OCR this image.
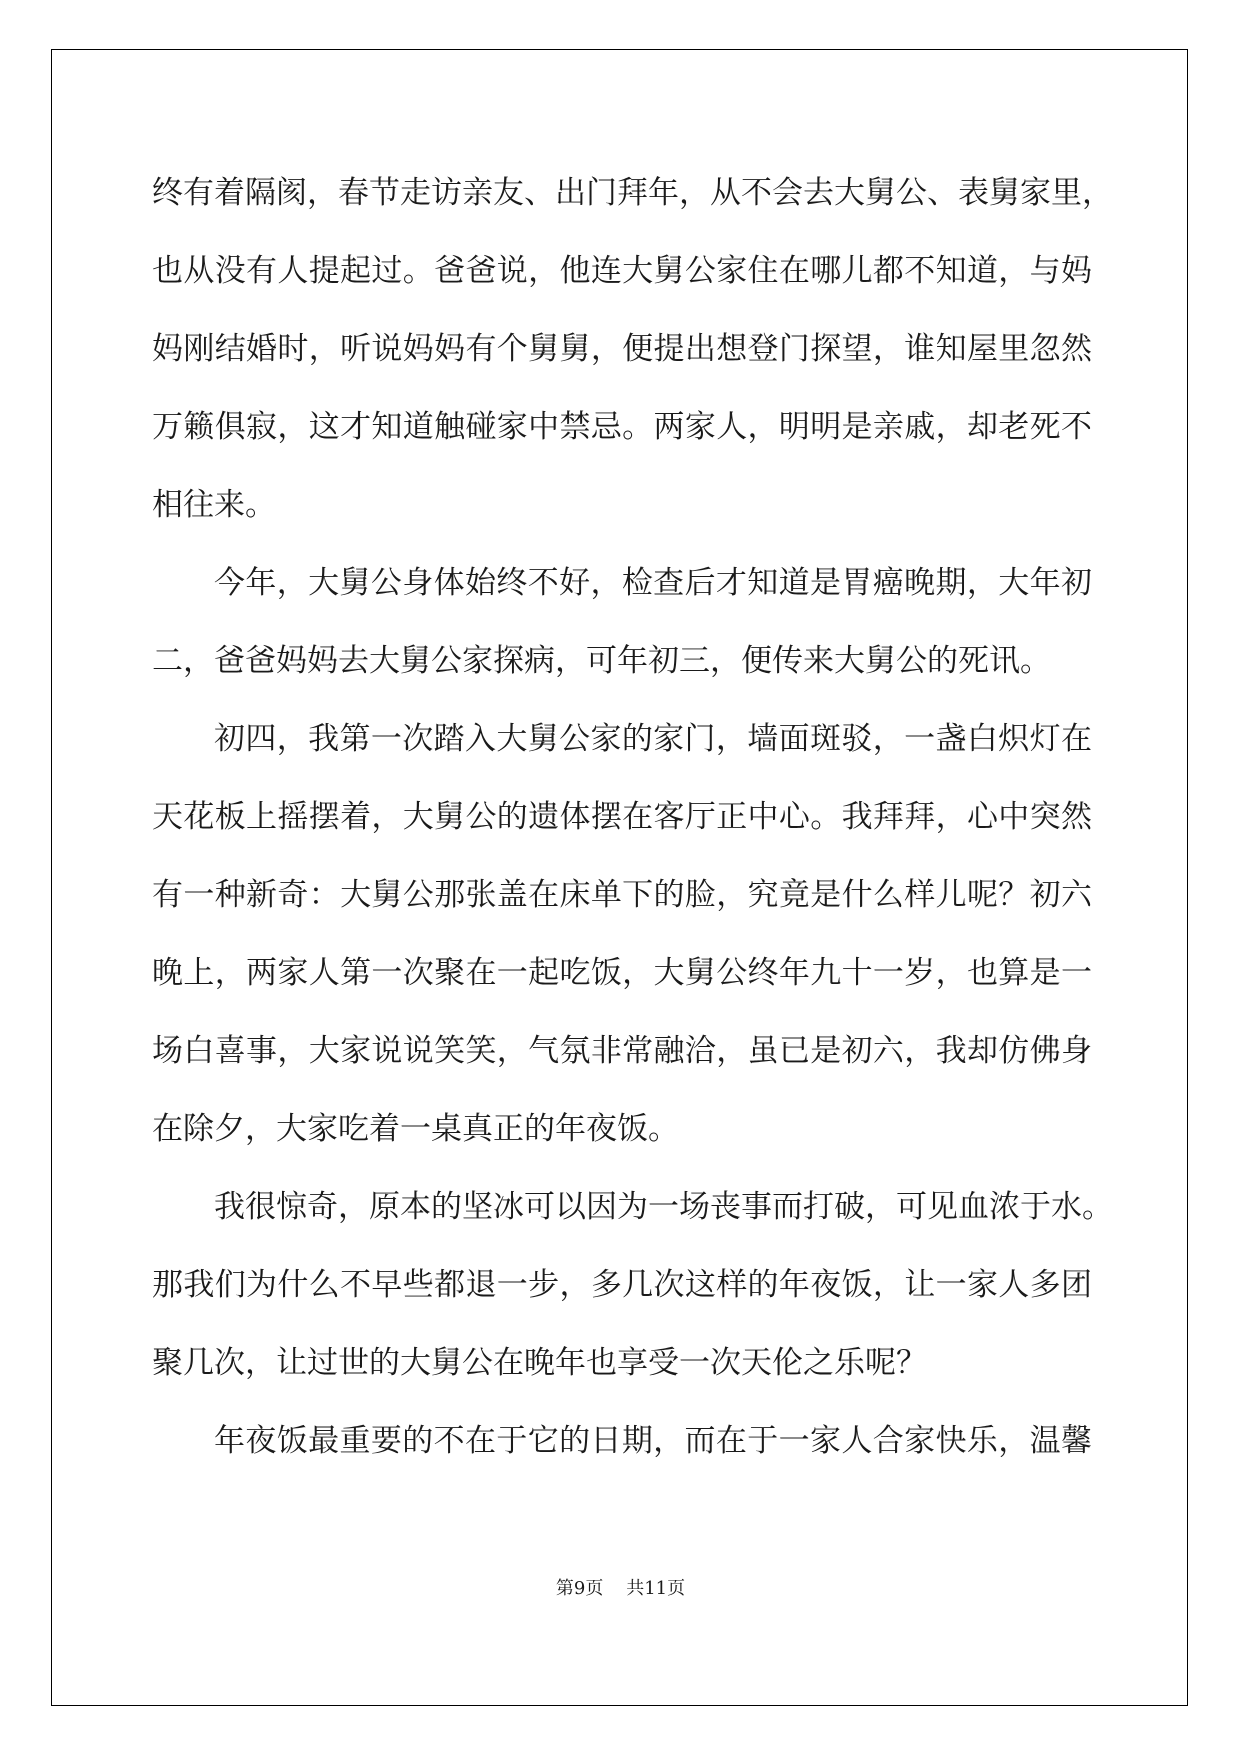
终有着隔阂，春节走访亲友、出门拜年，从不会去大舅公、表舅家里，
也从没有人提起过。爸爸说，他连大舅公家住在哪儿都不知道，与妈
妈刚结婚时，听说妈妈有个舅舅，便提出想登门探望，谁知屋里忽然
万籁俱寂，这才知道触碰家中禁忌。两家人，明明是亲戚，却老死不
相往来。
今年，大舅公身体始终不好，检查后才知道是胃癌晚期，大年初
二，爸爸妈妈去大舅公家探病，可年初三，便传来大舅公的死讯。
初四，我第一次踏入大舅公家的家门，墙面斑驳，一盏白炽灯在
天花板上摇摆着，大舅公的遗体摆在客厅正中心。我拜拜，心中突然
有一种新奇：大舅公那张盖在床单下的脸，究竟是什么样儿呢？初六
晚上，两家人第一次聚在一起吃饭，大舅公终年九十一岁，也算是一
场白喜事，大家说说笑笑，气氛非常融洽，虽已是初六，我却仿佛身
在除夕，大家吃着一桌真正的年夜饭。
我很惊奇，原本的坚冰可以因为一场丧事而打破，可见血浓于水。
那我们为什么不早些都退一步，多几次这样的年夜饭，让一家人多团
聚几次，让过世的大舅公在晚年也享受一次天伦之乐呢？
年夜饭最重要的不在于它的日期，而在于一家人合家快乐，温馨
第9页 共11页
